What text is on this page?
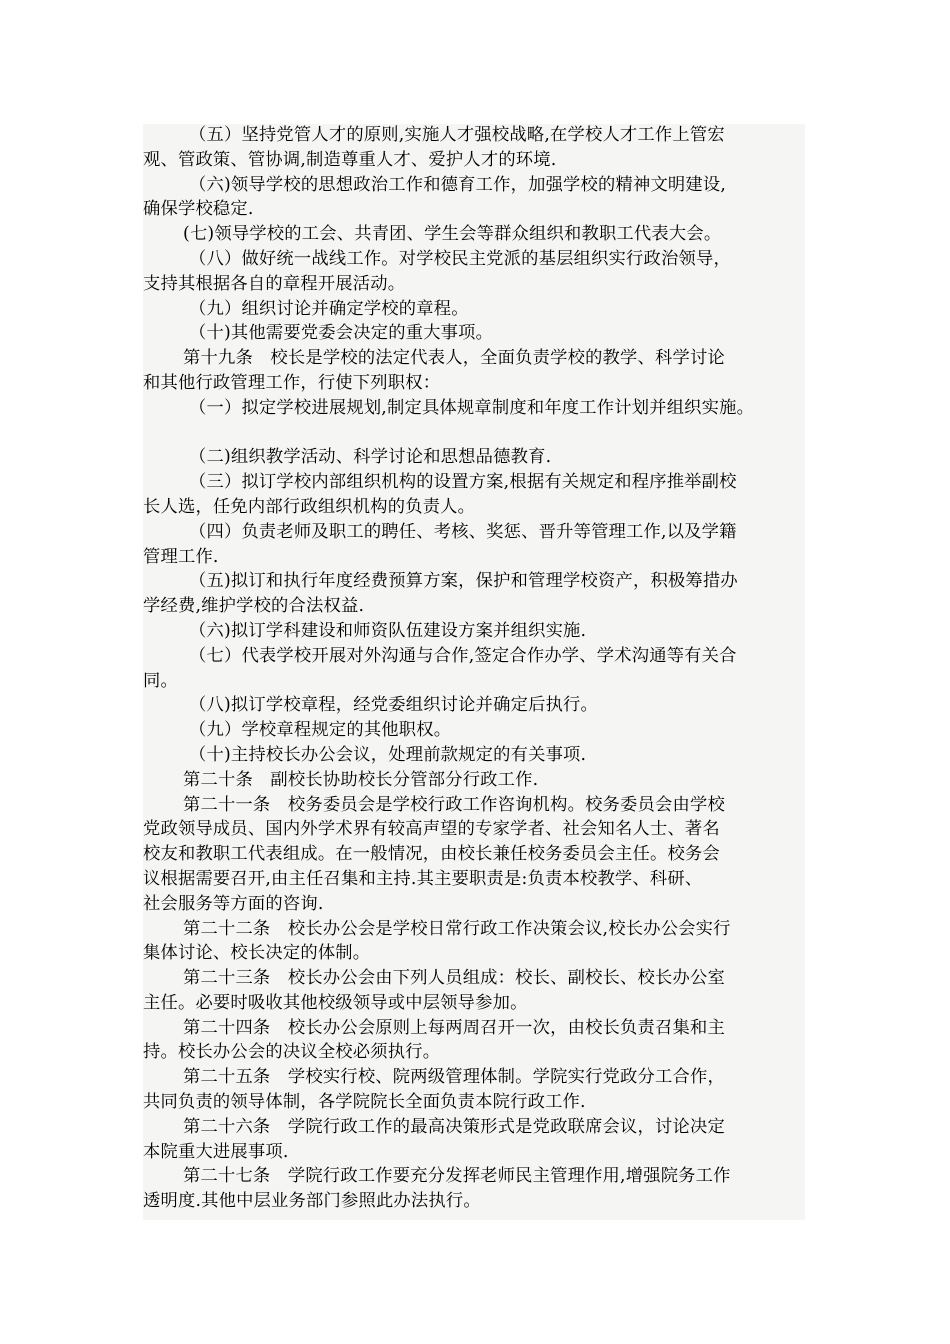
（五）坚持党管人才的原则,实施人才强校战略,在学校人才工作上管宏
观、管政策、管协调,制造尊重人才、爱护人才的环境.
（六)领导学校的思想政治工作和德育工作，加强学校的精神文明建设,
确保学校稳定.
(七)领导学校的工会、共青团、学生会等群众组织和教职工代表大会。
（八）做好统一战线工作。对学校民主党派的基层组织实行政治领导，
支持其根据各自的章程开展活动。
（九）组织讨论并确定学校的章程。
（十)其他需要党委会决定的重大事项。
第十九条　校长是学校的法定代表人，全面负责学校的教学、科学讨论
和其他行政管理工作，行使下列职权：
（一）拟定学校进展规划,制定具体规章制度和年度工作计划并组织实施。
（二)组织教学活动、科学讨论和思想品德教育.
（三）拟订学校内部组织机构的设置方案,根据有关规定和程序推举副校
长人选，任免内部行政组织机构的负责人。
（四）负责老师及职工的聘任、考核、奖惩、晋升等管理工作,以及学籍
管理工作.
（五)拟订和执行年度经费预算方案，保护和管理学校资产，积极筹措办
学经费,维护学校的合法权益.
（六)拟订学科建设和师资队伍建设方案并组织实施.
（七）代表学校开展对外沟通与合作,签定合作办学、学术沟通等有关合
同。
（八)拟订学校章程，经党委组织讨论并确定后执行。
（九）学校章程规定的其他职权。
（十)主持校长办公会议，处理前款规定的有关事项.
第二十条　副校长协助校长分管部分行政工作.
第二十一条　校务委员会是学校行政工作咨询机构。校务委员会由学校
党政领导成员、国内外学术界有较高声望的专家学者、社会知名人士、著名
校友和教职工代表组成。在一般情况，由校长兼任校务委员会主任。校务会
议根据需要召开,由主任召集和主持.其主要职责是:负责本校教学、科研、
社会服务等方面的咨询.
第二十二条　校长办公会是学校日常行政工作决策会议,校长办公会实行
集体讨论、校长决定的体制。
第二十三条　校长办公会由下列人员组成：校长、副校长、校长办公室
主任。必要时吸收其他校级领导或中层领导参加。
第二十四条　校长办公会原则上每两周召开一次，由校长负责召集和主
持。校长办公会的决议全校必须执行。
第二十五条　学校实行校、院两级管理体制。学院实行党政分工合作，
共同负责的领导体制，各学院院长全面负责本院行政工作.
第二十六条　学院行政工作的最高决策形式是党政联席会议，讨论决定
本院重大进展事项.
第二十七条　学院行政工作要充分发挥老师民主管理作用,增强院务工作
透明度.其他中层业务部门参照此办法执行。
